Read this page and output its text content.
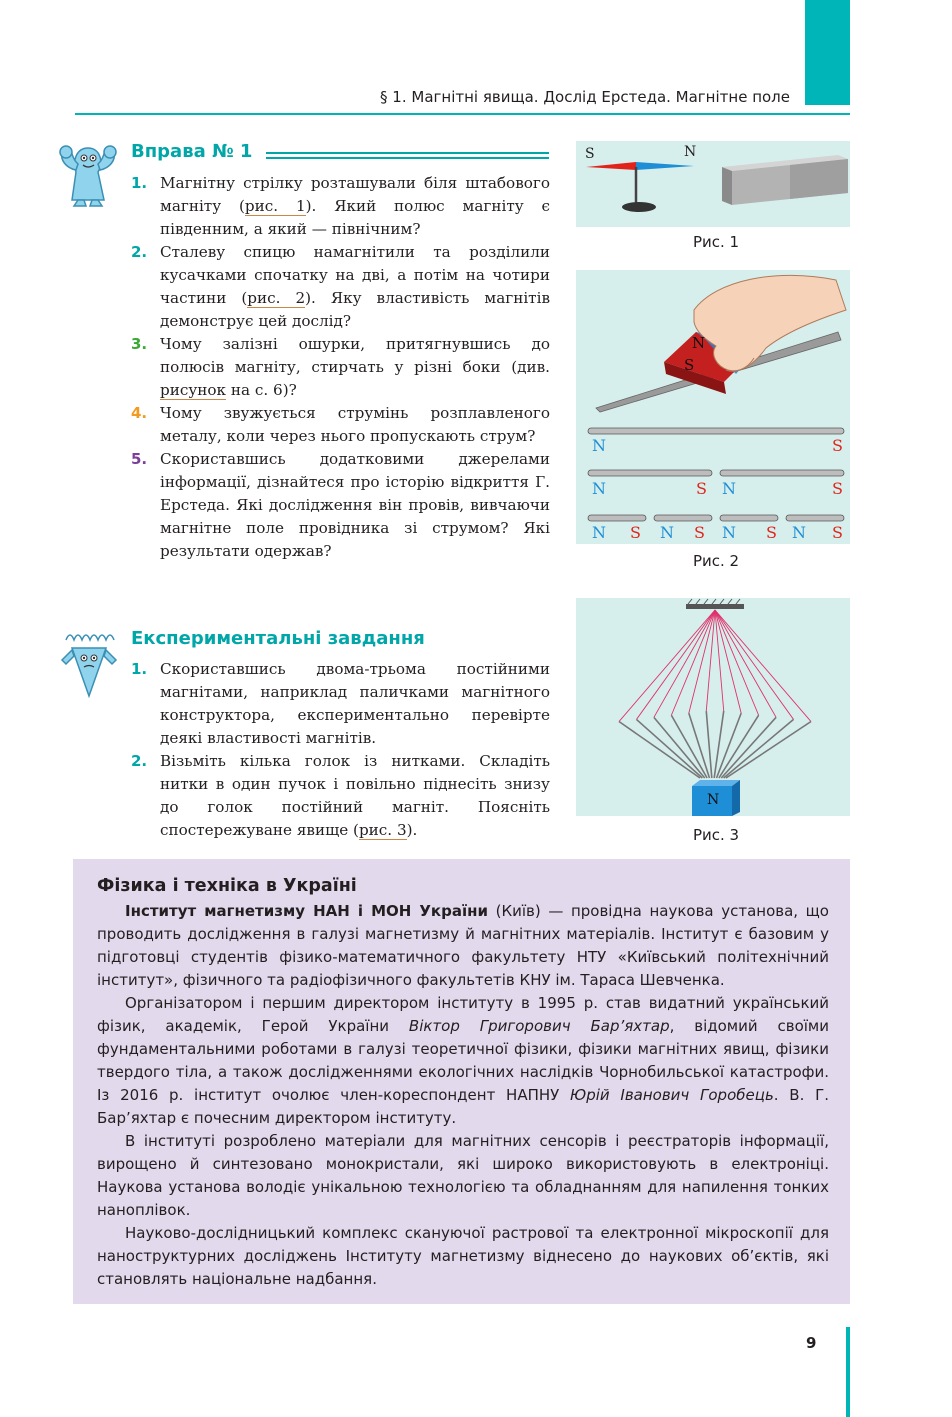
§ 1. Магнітні явища. Дослід Ерстеда. Магнітне поле
Вправа № 1
1. Магнітну стрілку розташували біля штабового магніту (рис. 1). Який полюс магніту є південним, а який — північним?
2. Сталеву спицю намагнітили та розділили кусачками спочатку на дві, а потім на чотири частини (рис. 2). Яку властивість магнітів демонструє цей дослід?
3. Чому залізні ошурки, притягнувшись до полюсів магніту, стирчать у різні боки (див. рисунок на с. 6)?
4. Чому звужується струмінь розплавленого металу, коли через нього пропускають струм?
5. Скориставшись додатковими джерелами інформації, дізнайтеся про історію відкриття Г. Ерстеда. Які дослідження він провів, вивчаючи магнітне поле провідника зі струмом? Які результати одержав?
Експериментальні завдання
1. Скориставшись двома-трьома постійними магнітами, наприклад паличками магнітного конструктора, експериментально перевірте деякі властивості магнітів.
2. Візьміть кілька голок із нитками. Складіть нитки в один пучок і повільно піднесіть знизу до голок постійний магніт. Поясніть спостережуване явище (рис. 3).
S	N
Рис. 1
N
S
N	S
N	S N	S
N S N S N S N S
Рис. 2
N
Рис. 3
Фізика і техніка в Україні

Інститут магнетизму НАН і МОН України (Київ) — провідна наукова установа, що проводить дослідження в галузі магнетизму й магнітних матеріалів. Інститут є базовим у підготовці студентів фізико-математичного факультету НТУ «Київський політехнічний інститут», фізичного та радіофізичного факультетів КНУ ім. Тараса Шевченка.

Організатором і першим директором інституту в 1995 р. став видатний український фізик, академік, Герой України Віктор Григорович Бар’яхтар, відомий своїми фундаментальними роботами в галузі теоретичної фізики, фізики магнітних явищ, фізики твердого тіла, а також дослідженнями екологічних наслідків Чорнобильської катастрофи. Із 2016 р. інститут очолює член-кореспондент НАПНУ Юрій Іванович Горобець. В. Г. Бар’яхтар є почесним директором інституту.

В інституті розроблено матеріали для магнітних сенсорів і реєстраторів інформації, вирощено й синтезовано монокристали, які широко використовують в електроніці. Наукова установа володіє унікальною технологією та обладнанням для напилення тонких наноплівок.

Науково-дослідницький комплекс скануючої растрової та електронної мікроскопії для наноструктурних досліджень Інституту магнетизму віднесено до наукових об’єктів, які становлять національне надбання.

9
